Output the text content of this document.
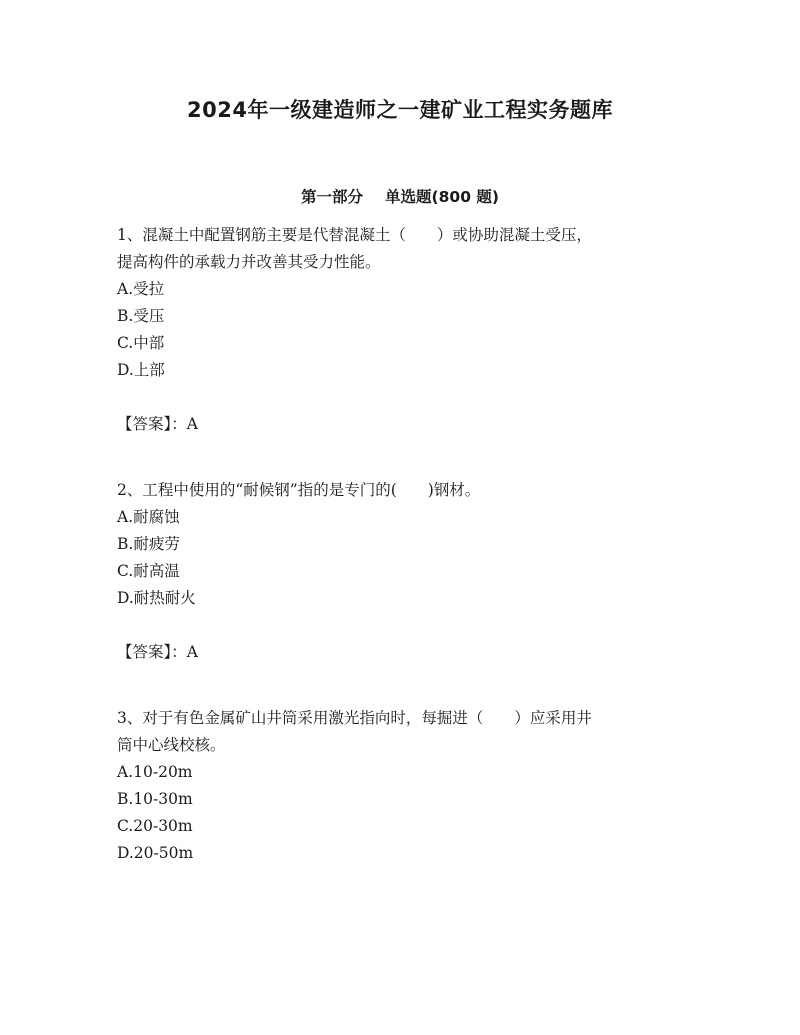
2024年一级建造师之一建矿业工程实务题库
第一部分 单选题(800 题)

1、混凝土中配置钢筋主要是代替混凝土（　　）或协助混凝土受压，

提高构件的承载力并改善其受力性能。

A.受拉

B.受压

C.中部

D.上部

【答案】：A

2、工程中使用的“耐候钢”指的是专门的(　　)钢材。

A.耐腐蚀

B.耐疲劳

C.耐高温

D.耐热耐火

【答案】：A

3、对于有色金属矿山井筒采用激光指向时，每掘进（　　）应采用井

筒中心线校核。

A.10-20m

B.10-30m

C.20-30m

D.20-50m
